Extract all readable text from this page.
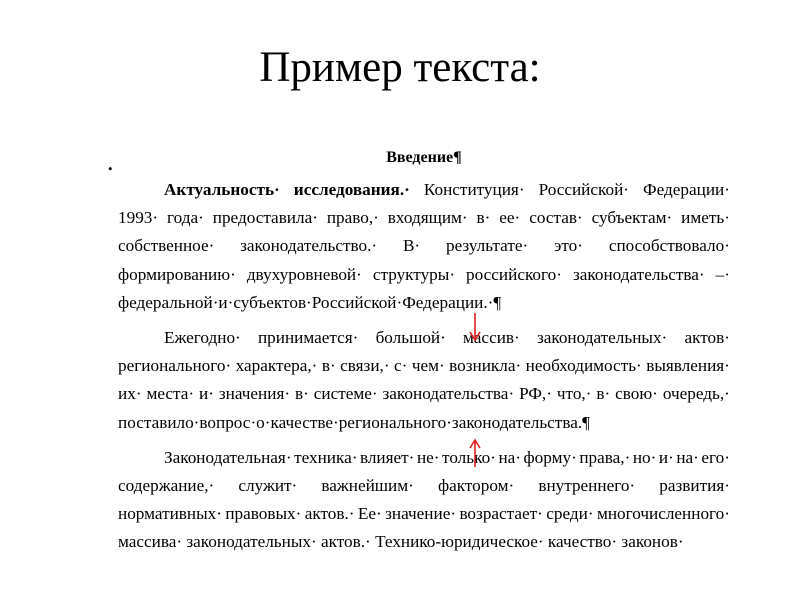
Пример текста:
.	Введение¶
Актуальность· исследования.· Конституция· Российской· Федерации·
1993· года· предоставила· право,· входящим· в· ее· состав· субъектам· иметь·
собственное· законодательство.· В· результате· это· способствовало·
формированию· двухуровневой· структуры· российского· законодательства· –·
федеральной·и·субъектов·Российской·Федерации.·¶
Ежегодно· принимается· большой· массив· законодательных· актов·
регионального· характера,· в· связи,· с· чем· возникла· необходимость· выявления·
их· места· и· значения· в· системе· законодательства· РФ,· что,· в· свою· очередь,·
поставило·вопрос·о·качестве·регионального·законодательства.¶
Законодательная· техника· влияет· не· только· на· форму· права,· но· и· на· его·
содержание,· служит· важнейшим· фактором· внутреннего· развития·
нормативных· правовых· актов.· Ее· значение· возрастает· среди· многочисленного·
массива· законодательных· актов.· Технико-юридическое· качество· законов·
